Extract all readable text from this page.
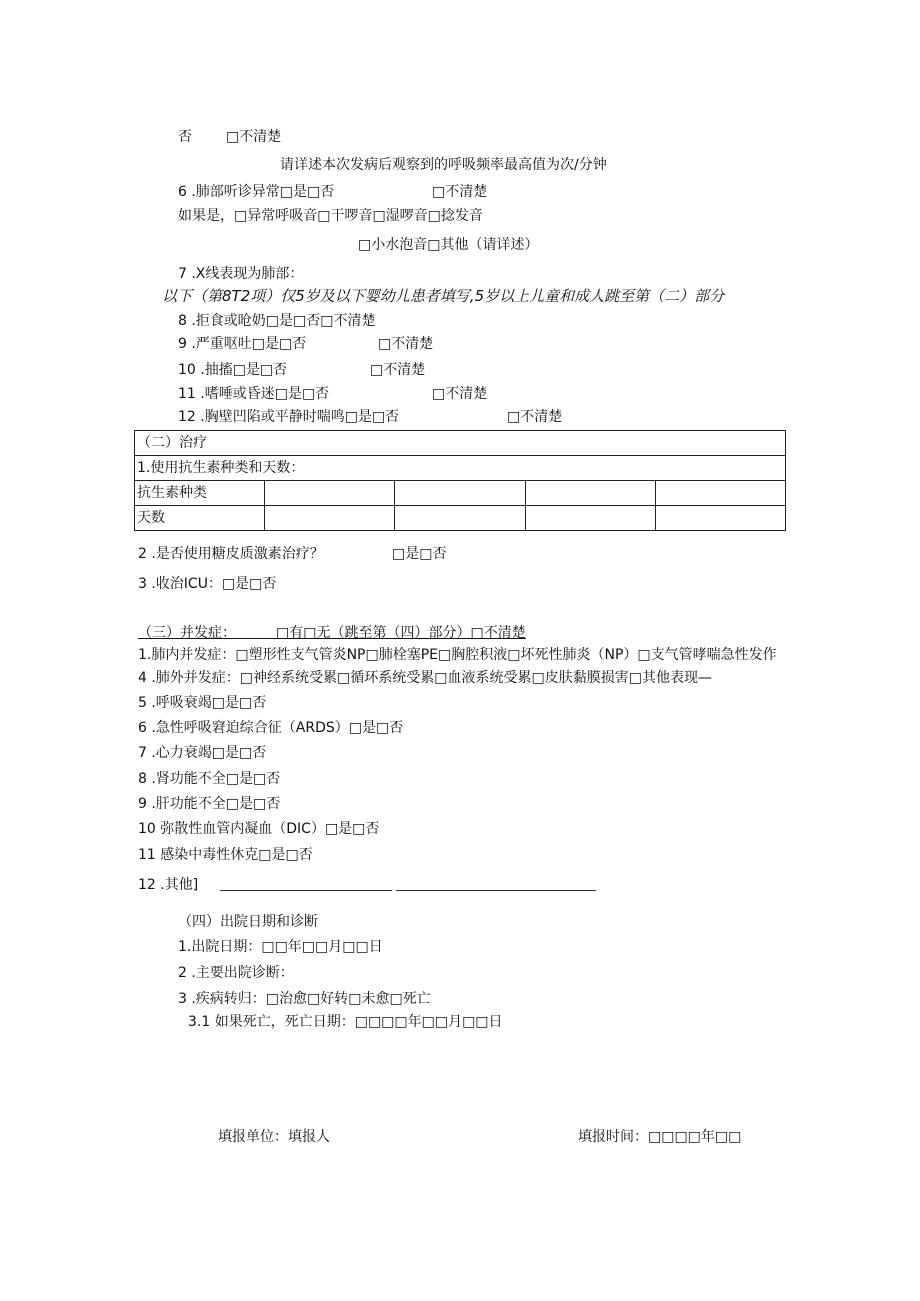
否 □不清楚
请详述本次发病后观察到的呼吸频率最高值为次/分钟
6 .肺部听诊异常□是□否	□不清楚
如果是，□异常呼吸音□干啰音□湿啰音□捻发音
□小水泡音□其他（请详述）
7 .X线表现为肺部：
以下（第8T2项）仅5岁及以下婴幼儿患者填写,5岁以上儿童和成人跳至第（二）部分
8 .拒食或呛奶□是□否□不清楚
9 .严重呕吐□是□否	□不清楚
10 .抽搐□是□否	□不清楚
11 .嗜唾或昏迷□是□否	□不清楚
12 .胸壁凹陷或平静时喘鸣□是□否	□不清楚
（二）治疗				
1.使用抗生素种类和天数：				
抗生素种类				
天数				
2 .是否使用糖皮质激素治疗？	□是□否
3 .收治ICU：□是□否
（三）并发症：         □有□无（跳至第（四）部分）□不清楚
1.肺内并发症：□塑形性支气管炎NP□肺栓塞PE□胸腔积液□坏死性肺炎（NP）□支气管哮喘急性发作
4 .肺外并发症：□神经系统受累□循环系统受累□血液系统受累□皮肤黏膜损害□其他表现—
5 .呼吸衰竭□是□否
6 .急性呼吸窘迫综合征（ARDS）□是□否
7 .心力衰竭□是□否
8 .肾功能不全□是□否
9 .肝功能不全□是□否
10 弥散性血管内凝血（DIC）□是□否
11 感染中毒性休克□是□否
12 .其他]
（四）出院日期和诊断
1.出院日期：□□年□□月□□日
2 .主要出院诊断：
3 .疾病转归：□治愈□好转□未愈□死亡
3.1 如果死亡，死亡日期：□□□□年□□月□□日
填报单位：填报人	填报时间：□□□□年□□
